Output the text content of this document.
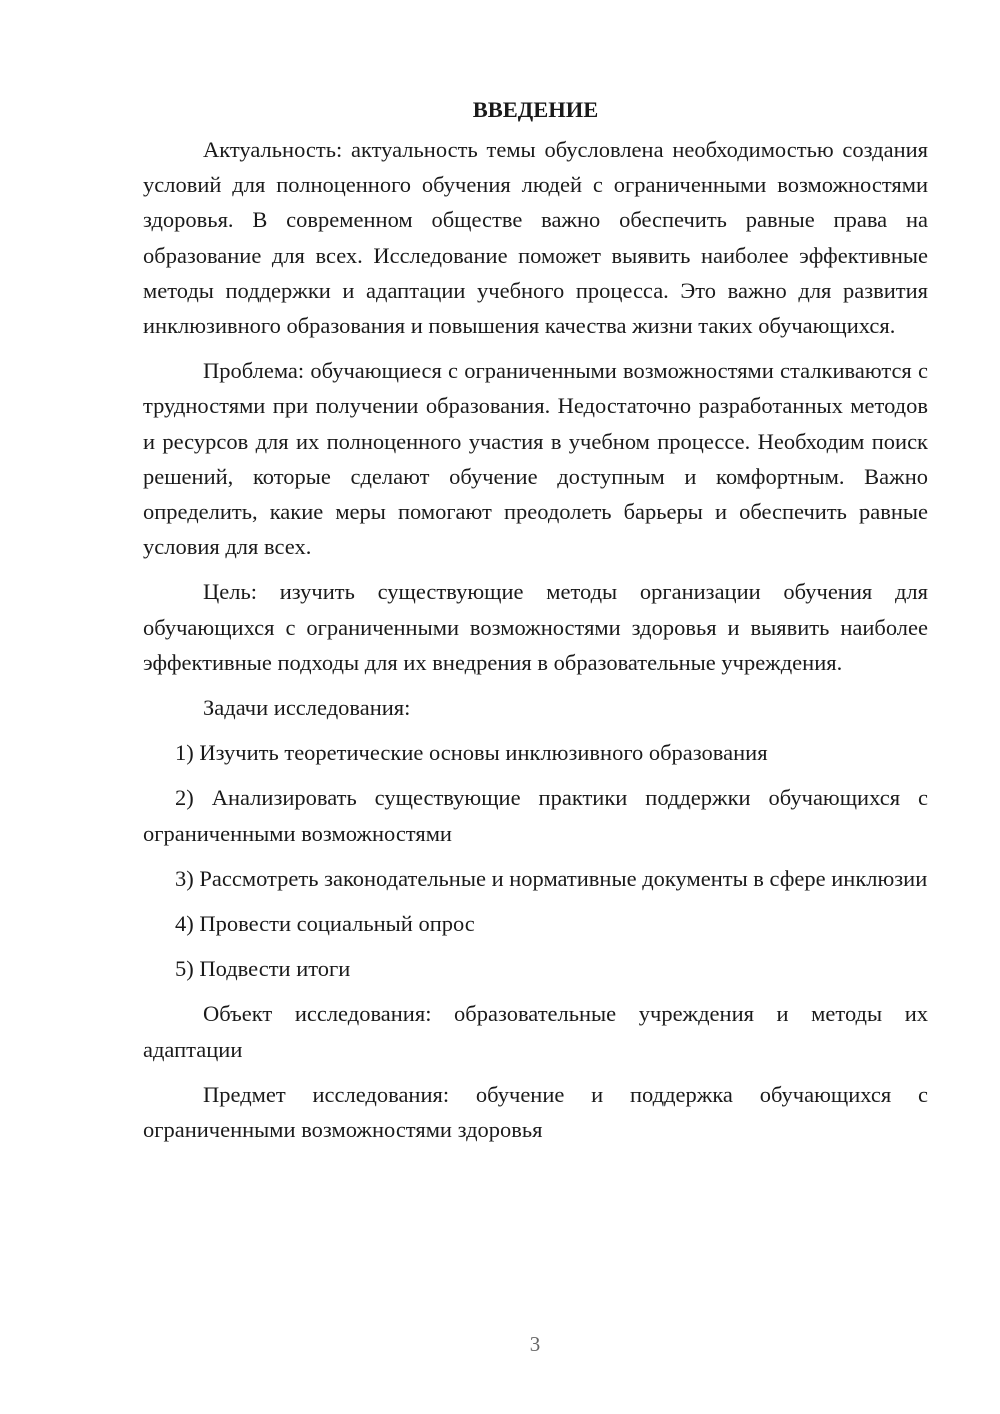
ВВЕДЕНИЕ

Актуальность: актуальность темы обусловлена необходимостью создания условий для полноценного обучения людей с ограниченными возможностями здоровья. В современном обществе важно обеспечить равные права на образование для всех. Исследование поможет выявить наиболее эффективные методы поддержки и адаптации учебного процесса. Это важно для развития инклюзивного образования и повышения качества жизни таких обучающихся.

Проблема: обучающиеся с ограниченными возможностями сталкиваются с трудностями при получении образования. Недостаточно разработанных методов и ресурсов для их полноценного участия в учебном процессе. Необходим поиск решений, которые сделают обучение доступным и комфортным. Важно определить, какие меры помогают преодолеть барьеры и обеспечить равные условия для всех.

Цель: изучить существующие методы организации обучения для обучающихся с ограниченными возможностями здоровья и выявить наиболее эффективные подходы для их внедрения в образовательные учреждения.

Задачи исследования:

1) Изучить теоретические основы инклюзивного образования

2) Анализировать существующие практики поддержки обучающихся с ограниченными возможностями

3) Рассмотреть законодательные и нормативные документы в сфере инклюзии

4) Провести социальный опрос

5) Подвести итоги

Объект исследования: образовательные учреждения и методы их адаптации

Предмет исследования: обучение и поддержка обучающихся с ограниченными возможностями здоровья

3
